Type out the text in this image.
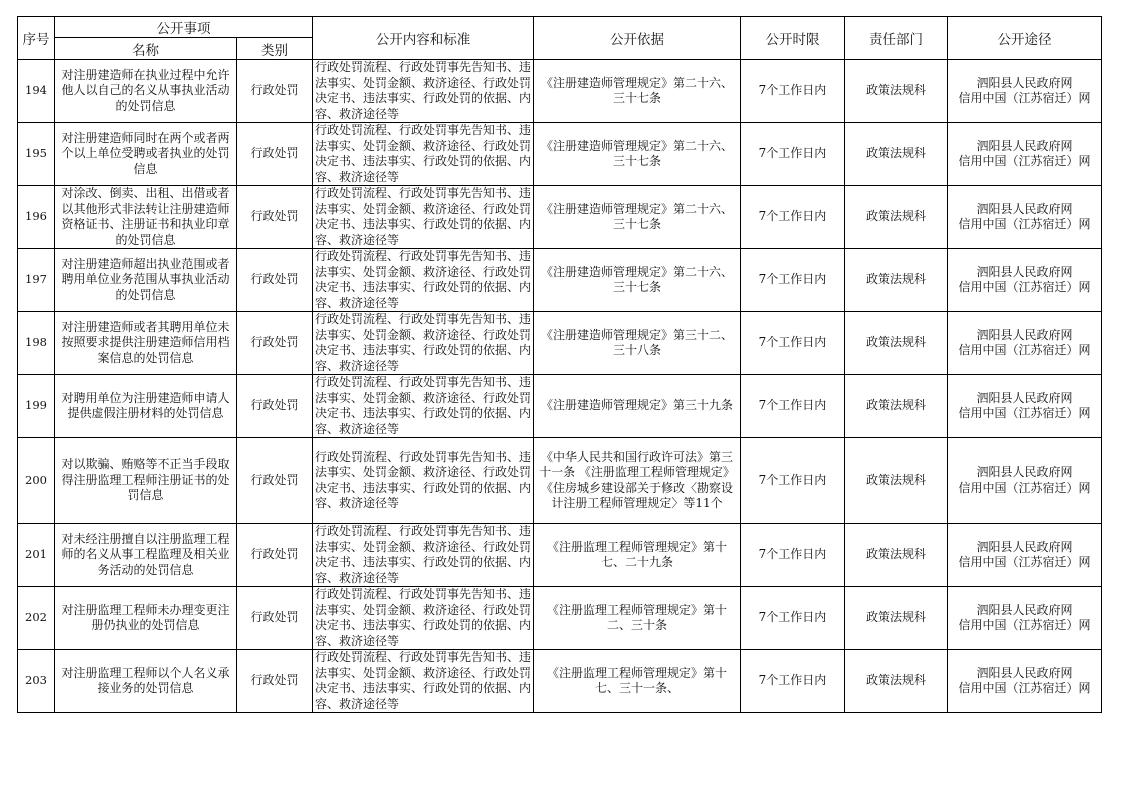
序号	公开事项		公开内容和标准	公开依据	公开时限	责任部门	公开途径
	名称	类别					

194	对注册建造师在执业过程中允许他人以自己的名义从事执业活动的处罚信息	行政处罚	行政处罚流程、行政处罚事先告知书、违法事实、处罚金额、救济途径、行政处罚决定书、违法事实、行政处罚的依据、内容、救济途径等	《注册建造师管理规定》第二十六、三十七条	7个工作日内	政策法规科	泗阳县人民政府网
信用中国（江苏宿迁）网

195	对注册建造师同时在两个或者两个以上单位受聘或者执业的处罚信息	行政处罚	行政处罚流程、行政处罚事先告知书、违法事实、处罚金额、救济途径、行政处罚决定书、违法事实、行政处罚的依据、内容、救济途径等	《注册建造师管理规定》第二十六、三十七条	7个工作日内	政策法规科	泗阳县人民政府网
信用中国（江苏宿迁）网

196	对涂改、倒卖、出租、出借或者以其他形式非法转让注册建造师资格证书、注册证书和执业印章的处罚信息	行政处罚	行政处罚流程、行政处罚事先告知书、违法事实、处罚金额、救济途径、行政处罚决定书、违法事实、行政处罚的依据、内容、救济途径等	《注册建造师管理规定》第二十六、三十七条	7个工作日内	政策法规科	泗阳县人民政府网
信用中国（江苏宿迁）网

197	对注册建造师超出执业范围或者聘用单位业务范围从事执业活动的处罚信息	行政处罚	行政处罚流程、行政处罚事先告知书、违法事实、处罚金额、救济途径、行政处罚决定书、违法事实、行政处罚的依据、内容、救济途径等	《注册建造师管理规定》第二十六、三十七条	7个工作日内	政策法规科	泗阳县人民政府网
信用中国（江苏宿迁）网

198	对注册建造师或者其聘用单位未按照要求提供注册建造师信用档案信息的处罚信息	行政处罚	行政处罚流程、行政处罚事先告知书、违法事实、处罚金额、救济途径、行政处罚决定书、违法事实、行政处罚的依据、内容、救济途径等	《注册建造师管理规定》第三十二、三十八条	7个工作日内	政策法规科	泗阳县人民政府网
信用中国（江苏宿迁）网

199	对聘用单位为注册建造师申请人提供虚假注册材料的处罚信息	行政处罚	行政处罚流程、行政处罚事先告知书、违法事实、处罚金额、救济途径、行政处罚决定书、违法事实、行政处罚的依据、内容、救济途径等	《注册建造师管理规定》第三十九条	7个工作日内	政策法规科	泗阳县人民政府网
信用中国（江苏宿迁）网

200	对以欺骗、贿赂等不正当手段取得注册监理工程师注册证书的处罚信息	行政处罚	行政处罚流程、行政处罚事先告知书、违法事实、处罚金额、救济途径、行政处罚决定书、违法事实、行政处罚的依据、内容、救济途径等	《中华人民共和国行政许可法》第三十一条 《注册监理工程师管理规定》《住房城乡建设部关于修改〈勘察设计注册工程师管理规定〉等11个	7个工作日内	政策法规科	泗阳县人民政府网
信用中国（江苏宿迁）网

201	对未经注册擅自以注册监理工程师的名义从事工程监理及相关业务活动的处罚信息	行政处罚	行政处罚流程、行政处罚事先告知书、违法事实、处罚金额、救济途径、行政处罚决定书、违法事实、行政处罚的依据、内容、救济途径等	《注册监理工程师管理规定》第十七、二十九条	7个工作日内	政策法规科	泗阳县人民政府网
信用中国（江苏宿迁）网

202	对注册监理工程师未办理变更注册仍执业的处罚信息	行政处罚	行政处罚流程、行政处罚事先告知书、违法事实、处罚金额、救济途径、行政处罚决定书、违法事实、行政处罚的依据、内容、救济途径等	《注册监理工程师管理规定》第十二、三十条	7个工作日内	政策法规科	泗阳县人民政府网
信用中国（江苏宿迁）网

203	对注册监理工程师以个人名义承接业务的处罚信息	行政处罚	行政处罚流程、行政处罚事先告知书、违法事实、处罚金额、救济途径、行政处罚决定书、违法事实、行政处罚的依据、内容、救济途径等	《注册监理工程师管理规定》第十七、三十一条、	7个工作日内	政策法规科	泗阳县人民政府网
信用中国（江苏宿迁）网
